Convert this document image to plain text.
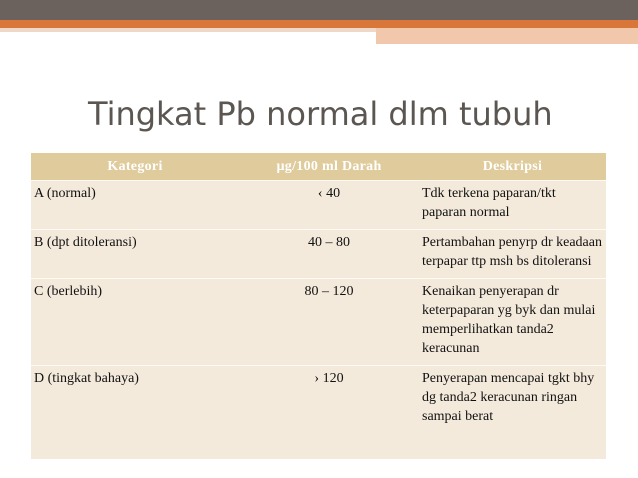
Tingkat Pb normal dlm tubuh
Kategori	µg/100 ml Darah	Deskripsi
A (normal)	‹ 40	Tdk terkena paparan/tkt paparan normal
B (dpt ditoleransi)	40 – 80	Pertambahan penyrp dr keadaan terpapar ttp msh bs ditoleransi
C (berlebih)	80 – 120	Kenaikan penyerapan dr keterpaparan yg byk dan mulai memperlihatkan tanda2 keracunan
D (tingkat bahaya)	› 120	Penyerapan mencapai tgkt bhy dg tanda2 keracunan ringan sampai berat
